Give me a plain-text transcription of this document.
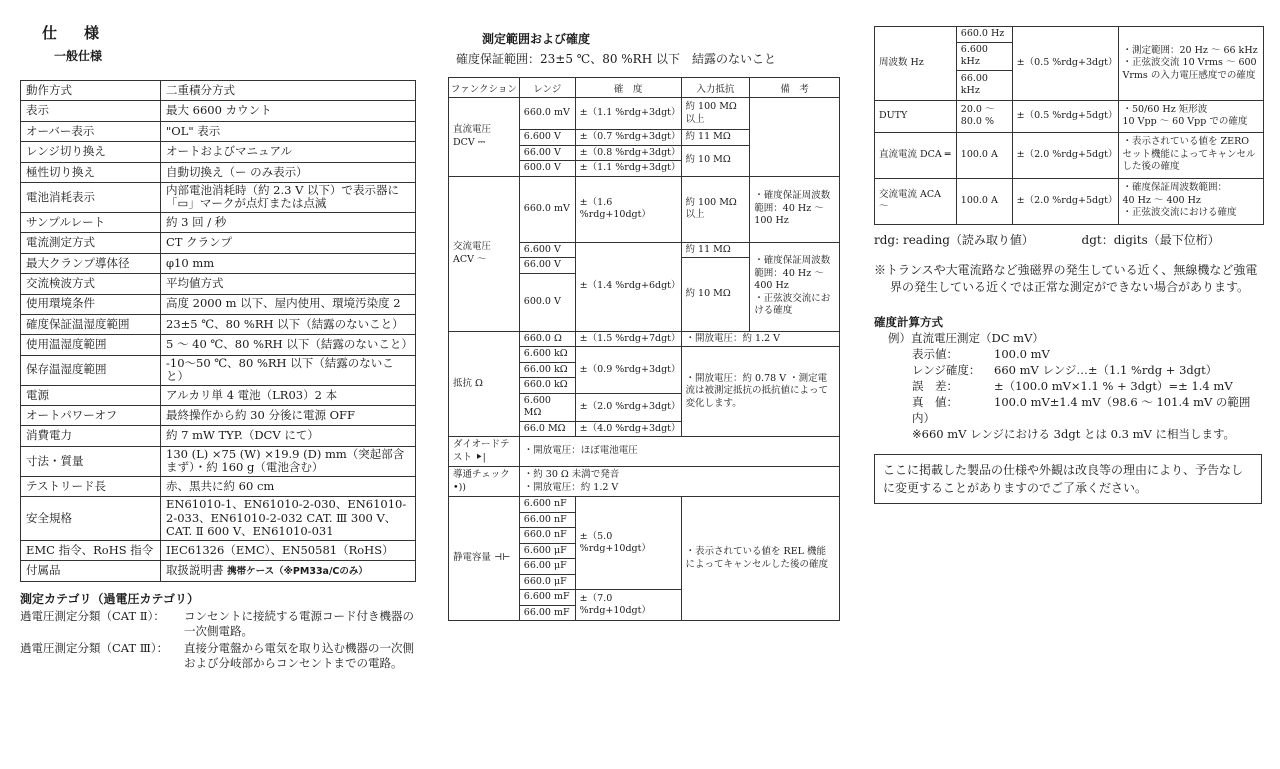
仕　様
一般仕様
動作方式	二重積分方式
表示	最大 6600 カウント
オーバー表示	"OL" 表示
レンジ切り換え	オートおよびマニュアル
極性切り換え	自動切換え（ー のみ表示）
電池消耗表示	内部電池消耗時（約 2.3 V 以下）で表示器に「▭」マークが点灯または点滅
サンプルレート	約 3 回 / 秒
電流測定方式	CT クランプ
最大クランプ導体径	φ10 mm
交流検波方式	平均値方式
使用環境条件	高度 2000 m 以下、屋内使用、環境汚染度 2
確度保証温湿度範囲	23±5 ℃、80 %RH 以下（結露のないこと）
使用温湿度範囲	5 ～ 40 ℃、80 %RH 以下（結露のないこと）
保存温湿度範囲	-10～50 ℃、80 %RH 以下（結露のないこと）
電源	アルカリ単 4 電池（LR03）2 本
オートパワーオフ	最終操作から約 30 分後に電源 OFF
消費電力	約 7 mW TYP.（DCV にて）
寸法・質量	130 (L) ×75 (W) ×19.9 (D) mm（突起部含まず）・約 160 g（電池含む）
テストリード長	赤、黒共に約 60 cm
安全規格	EN61010-1、EN61010-2-030、EN61010-2-033、EN61010-2-032 CAT. Ⅲ 300 V、CAT. Ⅱ 600 V、EN61010-031
EMC 指令、RoHS 指令	IEC61326（EMC）、EN50581（RoHS）
付属品	取扱説明書 携帯ケース（※PM33a/Cのみ）
測定カテゴリ（過電圧カテゴリ）
過電圧測定分類（CAT Ⅱ）：	コンセントに接続する電源コード付き機器の一次側電路。
過電圧測定分類（CAT Ⅲ）：	直接分電盤から電気を取り込む機器の一次側および分岐部からコンセントまでの電路。
測定範囲および確度
確度保証範囲：23±5 ℃、80 %RH 以下　結露のないこと
ファンクション	レンジ	確　度	入力抵抗	備　考
直流電圧 DCV ⎓	660.0 mV	±（1.1 %rdg+3dgt）	約 100 MΩ 以上	
	6.600 V	±（0.7 %rdg+3dgt）	約 11 MΩ	
	66.00 V	±（0.8 %rdg+3dgt）	約 10 MΩ	
	600.0 V	±（1.1 %rdg+3dgt）		
交流電圧 ACV ～	660.0 mV	±（1.6 %rdg+10dgt）	約 100 MΩ 以上	・確度保証周波数範囲：40 Hz ～ 100 Hz
	6.600 V	±（1.4 %rdg+6dgt）	約 11 MΩ	・確度保証周波数範囲：40 Hz ～ 400 Hz
・正弦波交流における確度

	66.00 V		約 10 MΩ	
	600.0 V			
抵抗 Ω	660.0 Ω	±（1.5 %rdg+7dgt）	・開放電圧：約 1.2 V	
	6.600 kΩ	±（0.9 %rdg+3dgt）	・開放電圧：約 0.78 V ・測定電流は被測定抵抗の抵抗値によって変化します。	
	66.00 kΩ			
	660.0 kΩ			
	6.600 MΩ	±（2.0 %rdg+3dgt）		
	66.0 MΩ	±（4.0 %rdg+3dgt）		
ダイオードテスト ⯈|	・開放電圧：ほぼ電池電圧			
導通チェック •))	・約 30 Ω 未満で発音
・開放電圧：約 1.2 V			

静電容量 ⊣⊢	6.600 nF	±（5.0 %rdg+10dgt）	・表示されている値を REL 機能によってキャンセルした後の確度	
	66.00 nF			
	660.0 nF			
	6.600 μF			
	66.00 μF			
	660.0 μF			
	6.600 mF	±（7.0 %rdg+10dgt）		
	66.00 mF			
周波数 Hz	660.0 Hz	±（0.5 %rdg+3dgt）	・測定範囲：20 Hz ～ 66 kHz
・正弦波交流 10 Vrms ～ 600 Vrms の入力電圧感度での確度

	6.600 kHz		
	66.00 kHz		
DUTY	20.0 ～ 80.0 %	±（0.5 %rdg+5dgt）	・50/60 Hz 矩形波
10 Vpp ～ 60 Vpp での確度

直流電流 DCA ═	100.0 A	±（2.0 %rdg+5dgt）	・表示されている値を ZERO セット機能によってキャンセルした後の確度
交流電流 ACA ～	100.0 A	±（2.0 %rdg+5dgt）	・確度保証周波数範囲：
40 Hz ～ 400 Hz
・正弦波交流における確度
rdg: reading（読み取り値）	dgt：digits（最下位桁）
※トランスや大電流路など強磁界の発生している近く、無線機など強電界の発生している近くでは正常な測定ができない場合があります。
確度計算方式
例）直流電圧測定（DC mV）
表示値：	100.0 mV
レンジ確度： 660 mV レンジ…±（1.1 %rdg + 3dgt）
誤　差：	±（100.0 mV×1.1 % + 3dgt）=± 1.4 mV
真　値：	100.0 mV±1.4 mV（98.6 ～ 101.4 mV の範囲内）
※660 mV レンジにおける 3dgt とは 0.3 mV に相当します。
ここに掲載した製品の仕様や外観は改良等の理由により、予告なしに変更することがありますのでご了承ください。
